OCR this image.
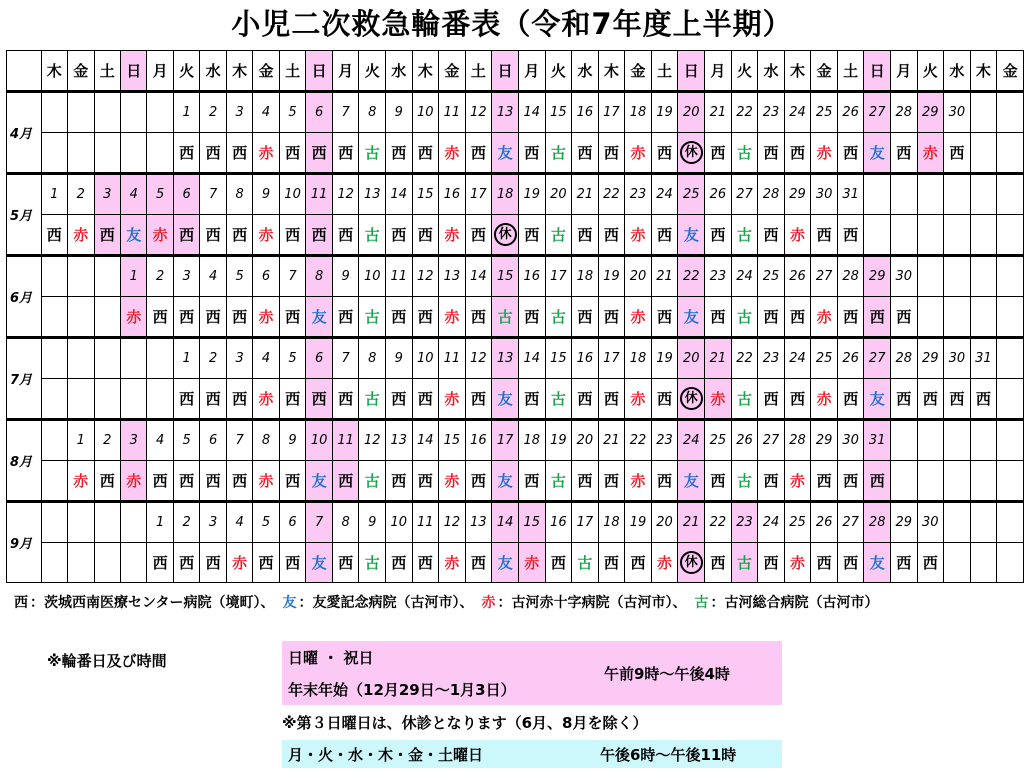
小児二次救急輪番表（令和7年度上半期）
	木	金	土	日	月	火	水	木	金	土	日	月	火	水	木	金	土	日	月	火	水	木	金	土	日	月	火	水	木	金	土	日	月	火	水	木	金
4月						1	2	3	4	5	6	7	8	9	10	11	12	13	14	15	16	17	18	19	20	21	22	23	24	25	26	27	28	29	30		
						西	西	西	赤	西	西	西	古	西	西	赤	西	友	西	古	西	西	赤	西	休	西	古	西	西	赤	西	友	西	赤	西		
5月	1	2	3	4	5	6	7	8	9	10	11	12	13	14	15	16	17	18	19	20	21	22	23	24	25	26	27	28	29	30	31						
	西	赤	西	友	赤	西	西	西	赤	西	西	西	古	西	西	赤	西	休	西	古	西	西	赤	西	友	西	古	西	赤	西	西						
6月				1	2	3	4	5	6	7	8	9	10	11	12	13	14	15	16	17	18	19	20	21	22	23	24	25	26	27	28	29	30				
				赤	西	西	西	西	赤	西	友	西	古	西	西	赤	西	古	西	古	西	西	赤	西	友	西	古	西	西	赤	西	西	西				
7月						1	2	3	4	5	6	7	8	9	10	11	12	13	14	15	16	17	18	19	20	21	22	23	24	25	26	27	28	29	30	31	
						西	西	西	赤	西	西	西	古	西	西	赤	西	友	西	古	西	西	赤	西	休	赤	古	西	西	赤	西	友	西	西	西	西	
8月		1	2	3	4	5	6	7	8	9	10	11	12	13	14	15	16	17	18	19	20	21	22	23	24	25	26	27	28	29	30	31					
		赤	西	赤	西	西	西	西	赤	西	友	西	古	西	西	赤	西	友	西	古	西	西	赤	西	友	西	古	西	赤	西	西	西					
9月					1	2	3	4	5	6	7	8	9	10	11	12	13	14	15	16	17	18	19	20	21	22	23	24	25	26	27	28	29	30			
					西	西	西	赤	西	西	友	西	古	西	西	赤	西	友	赤	西	古	西	西	赤	休	西	古	西	赤	西	西	友	西	西			
西 ：茨城西南医療センター病院（境町）、 友 ：友愛記念病院（古河市）、 赤 ：古河赤十字病院（古河市）、 古 ：古河総合病院（古河市）
※輪番日及び時間	日曜 ・ 祝日
年末年始（12月29日～1月3日）
午前9時～午後4時
※第３日曜日は、休診となります（6月、8月を除く）
月・火・水・木・金・土曜日	午後6時～午後11時
